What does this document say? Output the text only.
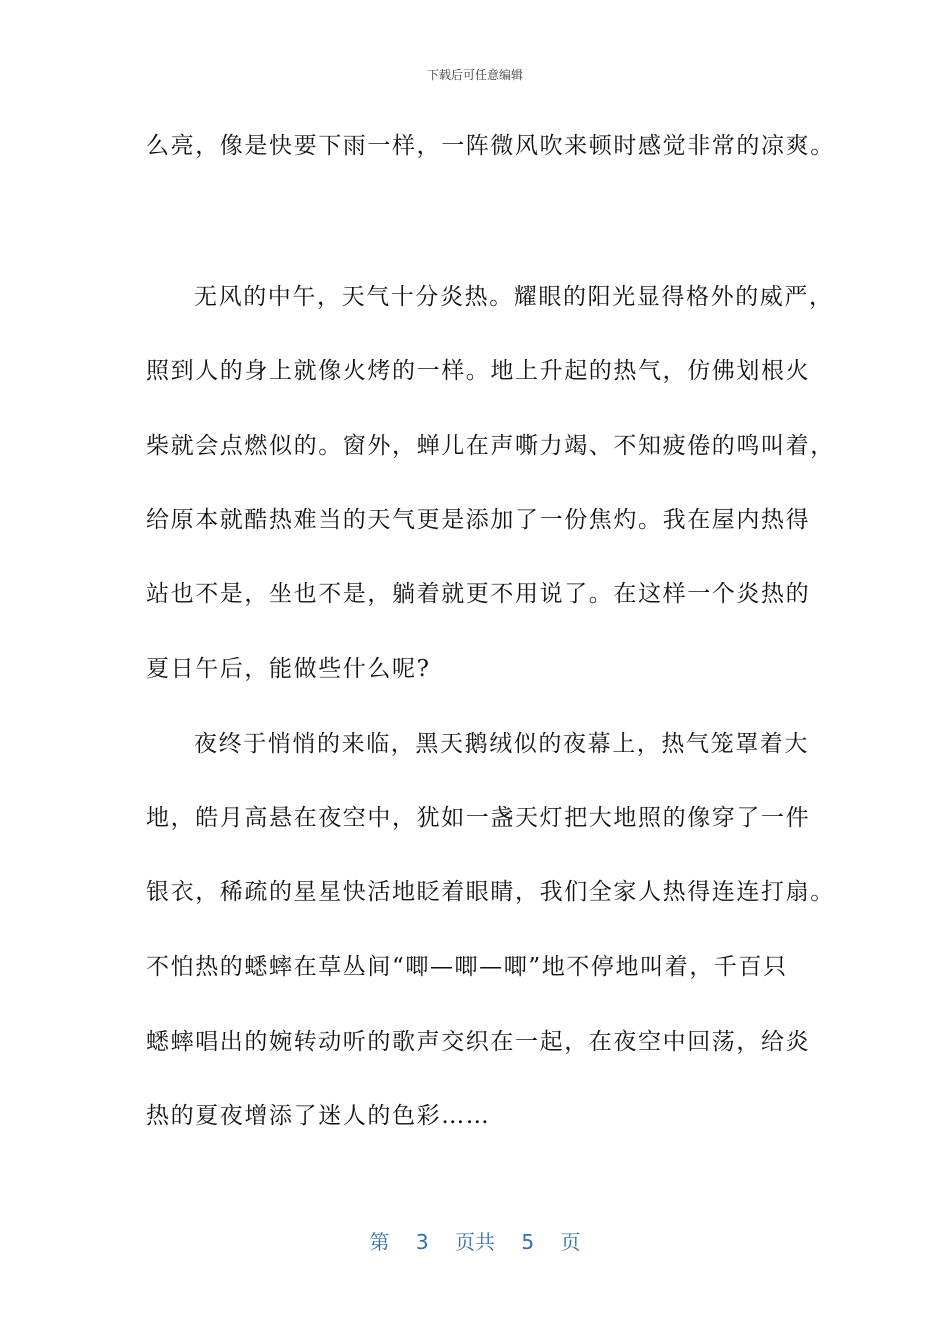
下载后可任意编辑
么亮，像是快要下雨一样，一阵微风吹来顿时感觉非常的凉爽。
无风的中午，天气十分炎热。耀眼的阳光显得格外的威严，
照到人的身上就像火烤的一样。地上升起的热气，仿佛划根火
柴就会点燃似的。窗外，蝉儿在声嘶力竭、不知疲倦的鸣叫着，
给原本就酷热难当的天气更是添加了一份焦灼。我在屋内热得
站也不是，坐也不是，躺着就更不用说了。在这样一个炎热的
夏日午后，能做些什么呢?
夜终于悄悄的来临，黑天鹅绒似的夜幕上，热气笼罩着大
地，皓月高悬在夜空中，犹如一盏天灯把大地照的像穿了一件
银衣，稀疏的星星快活地眨着眼睛，我们全家人热得连连打扇。
不怕热的蟋蟀在草丛间“唧—唧—唧”地不停地叫着，千百只
蟋蟀唱出的婉转动听的歌声交织在一起，在夜空中回荡，给炎
热的夏夜增添了迷人的色彩……
第 3 页共 5 页
